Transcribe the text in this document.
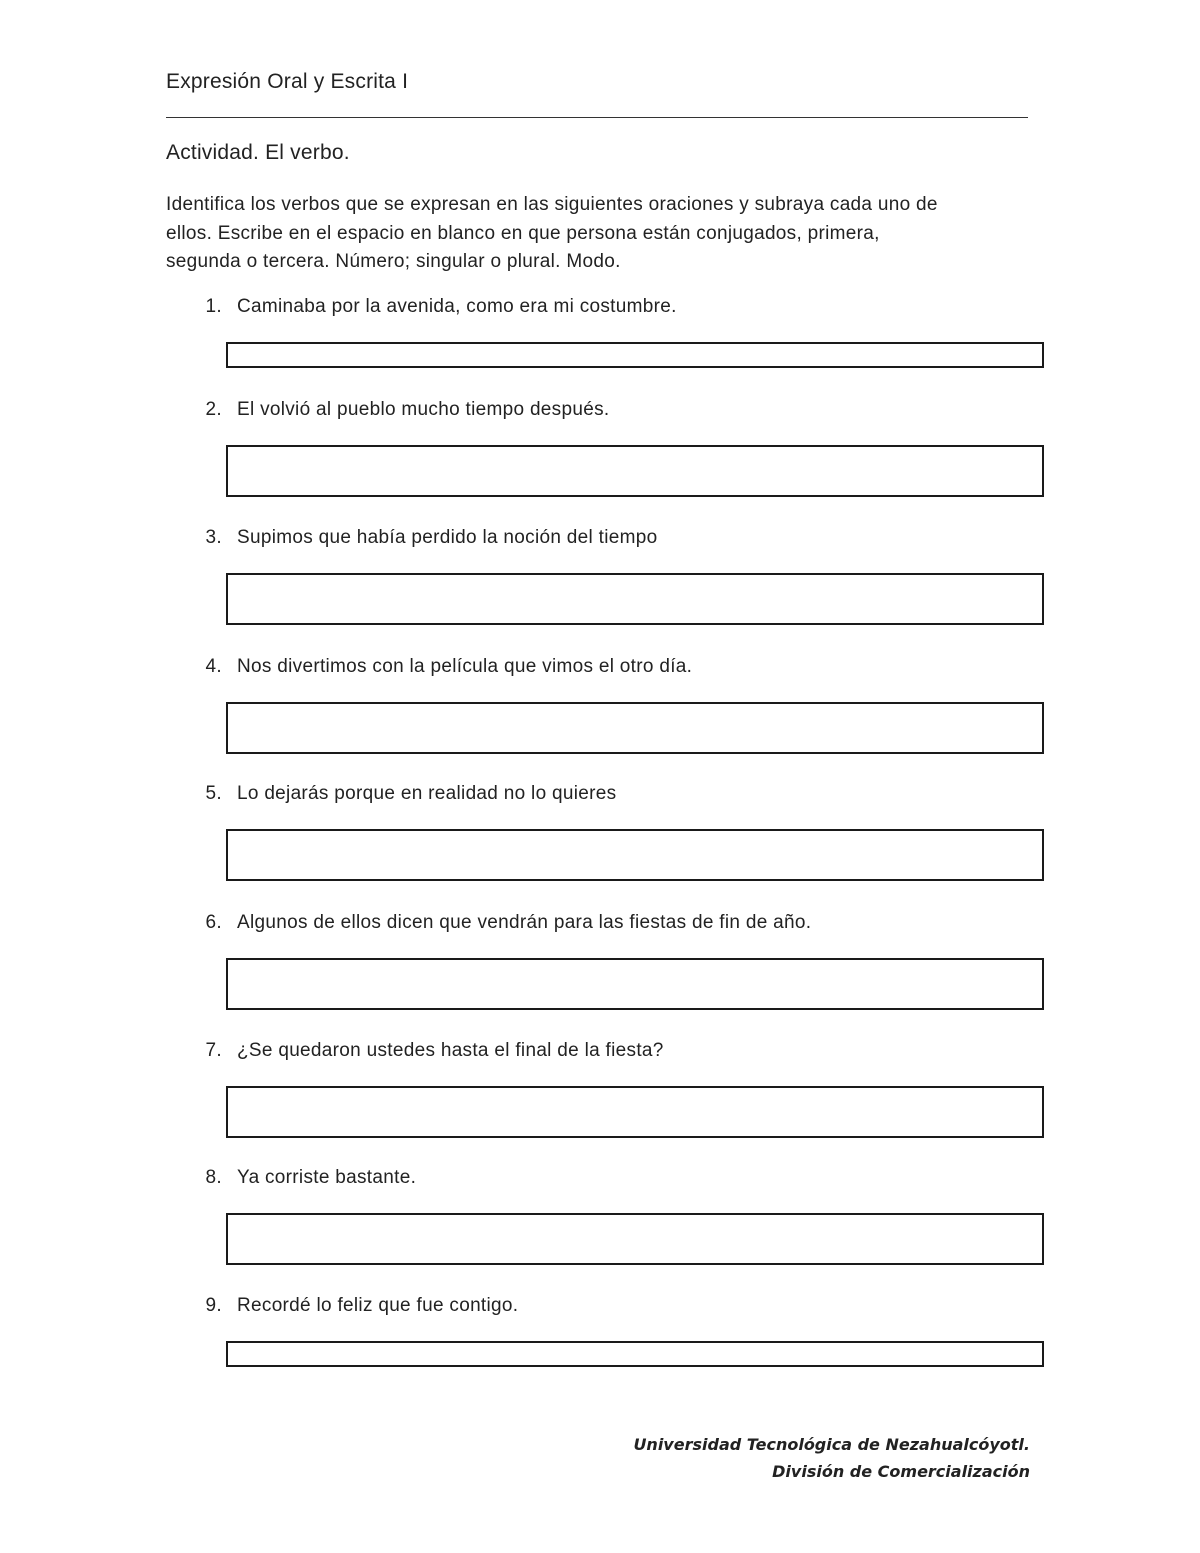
Expresión Oral y Escrita I
Actividad. El verbo.
Identifica los verbos que se expresan en las siguientes oraciones y subraya cada uno de
ellos. Escribe en el espacio en blanco en que persona están conjugados, primera,
segunda o tercera. Número; singular o plural. Modo.
1. Caminaba por la avenida, como era mi costumbre.
2. El volvió al pueblo mucho tiempo después.
3. Supimos que había perdido la noción del tiempo
4. Nos divertimos con la película que vimos el otro día.
5. Lo dejarás porque en realidad no lo quieres
6. Algunos de ellos dicen que vendrán para las fiestas de fin de año.
7. ¿Se quedaron ustedes hasta el final de la fiesta?
8. Ya corriste bastante.
9. Recordé lo feliz que fue contigo.
Universidad Tecnológica de Nezahualcóyotl.
División de Comercialización
